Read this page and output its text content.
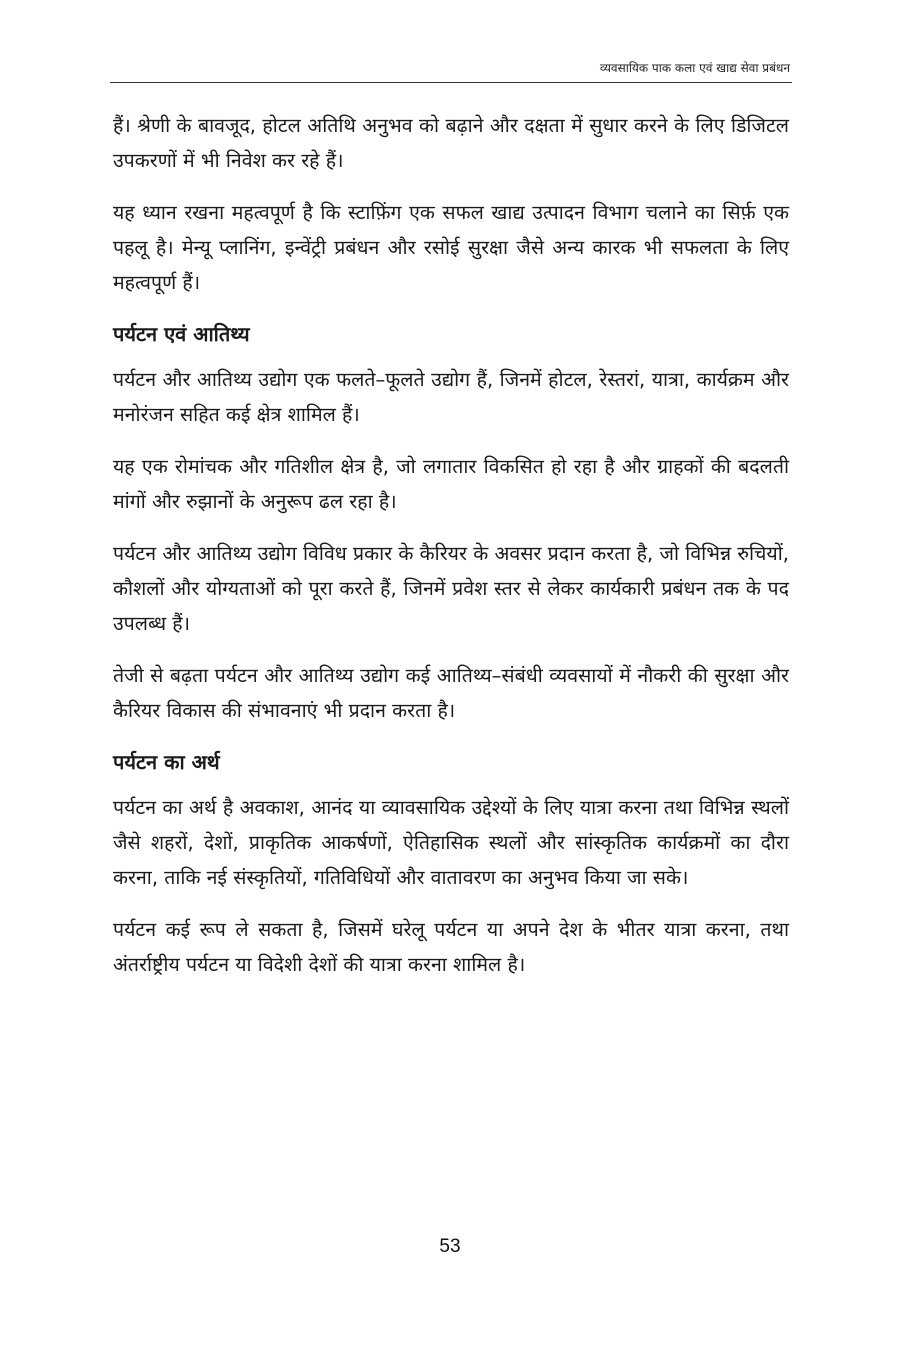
व्यवसायिक पाक कला एवं खाद्य सेवा प्रबंधन

हैं। श्रेणी के बावजूद, होटल अतिथि अनुभव को बढ़ाने और दक्षता में सुधार करने के लिए डिजिटल उपकरणों में भी निवेश कर रहे हैं।

यह ध्यान रखना महत्वपूर्ण है कि स्टाफ़िंग एक सफल खाद्य उत्पादन विभाग चलाने का सिर्फ़ एक पहलू है। मेन्यू प्लानिंग, इन्वेंट्री प्रबंधन और रसोई सुरक्षा जैसे अन्य कारक भी सफलता के लिए महत्वपूर्ण हैं।

पर्यटन एवं आतिथ्य

पर्यटन और आतिथ्य उद्योग एक फलते–फूलते उद्योग हैं, जिनमें होटल, रेस्तरां, यात्रा, कार्यक्रम और मनोरंजन सहित कई क्षेत्र शामिल हैं।

यह एक रोमांचक और गतिशील क्षेत्र है, जो लगातार विकसित हो रहा है और ग्राहकों की बदलती मांगों और रुझानों के अनुरूप ढल रहा है।

पर्यटन और आतिथ्य उद्योग विविध प्रकार के कैरियर के अवसर प्रदान करता है, जो विभिन्न रुचियों, कौशलों और योग्यताओं को पूरा करते हैं, जिनमें प्रवेश स्तर से लेकर कार्यकारी प्रबंधन तक के पद उपलब्ध हैं।

तेजी से बढ़ता पर्यटन और आतिथ्य उद्योग कई आतिथ्य–संबंधी व्यवसायों में नौकरी की सुरक्षा और कैरियर विकास की संभावनाएं भी प्रदान करता है।

पर्यटन का अर्थ

पर्यटन का अर्थ है अवकाश, आनंद या व्यावसायिक उद्देश्यों के लिए यात्रा करना तथा विभिन्न स्थलों जैसे शहरों, देशों, प्राकृतिक आकर्षणों, ऐतिहासिक स्थलों और सांस्कृतिक कार्यक्रमों का दौरा करना, ताकि नई संस्कृतियों, गतिविधियों और वातावरण का अनुभव किया जा सके।

पर्यटन कई रूप ले सकता है, जिसमें घरेलू पर्यटन या अपने देश के भीतर यात्रा करना, तथा अंतर्राष्ट्रीय पर्यटन या विदेशी देशों की यात्रा करना शामिल है।

53
